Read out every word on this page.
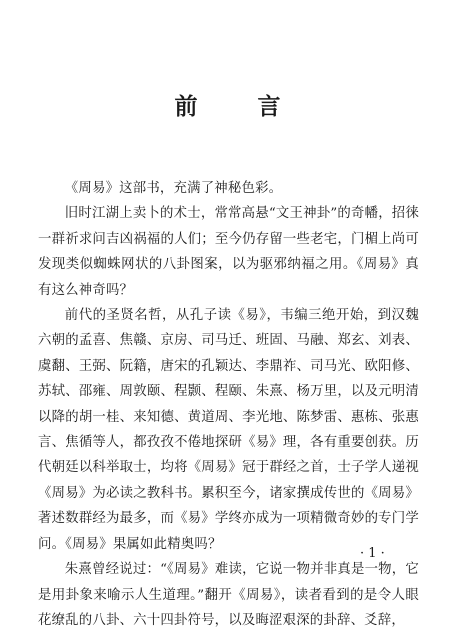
前 言

《周易》这部书，充满了神秘色彩。

旧时江湖上卖卜的术士，常常高悬“文王神卦”的奇幡，招徕一群祈求问吉凶祸福的人们；至今仍存留一些老宅，门楣上尚可发现类似蜘蛛网状的八卦图案，以为驱邪纳福之用。《周易》真有这么神奇吗？

前代的圣贤名哲，从孔子读《易》，韦编三绝开始，到汉魏六朝的孟喜、焦赣、京房、司马迁、班固、马融、郑玄、刘表、虞翻、王弼、阮籍，唐宋的孔颖达、李鼎祚、司马光、欧阳修、苏轼、邵雍、周敦颐、程颢、程颐、朱熹、杨万里，以及元明清以降的胡一桂、来知德、黄道周、李光地、陈梦雷、惠栋、张惠言、焦循等人，都孜孜不倦地探研《易》理，各有重要创获。历代朝廷以科举取士，均将《周易》冠于群经之首，士子学人递视《周易》为必读之教科书。累积至今，诸家撰成传世的《周易》著述数群经为最多，而《易》学终亦成为一项精微奇妙的专门学问。《周易》果属如此精奥吗？

朱熹曾经说过：“《周易》难读，它说一物并非真是一物，它是用卦象来喻示人生道理。”翻开《周易》，读者看到的是令人眼花缭乱的八卦、六十四卦符号，以及晦涩艰深的卦辞、爻辞，

· 1 ·
